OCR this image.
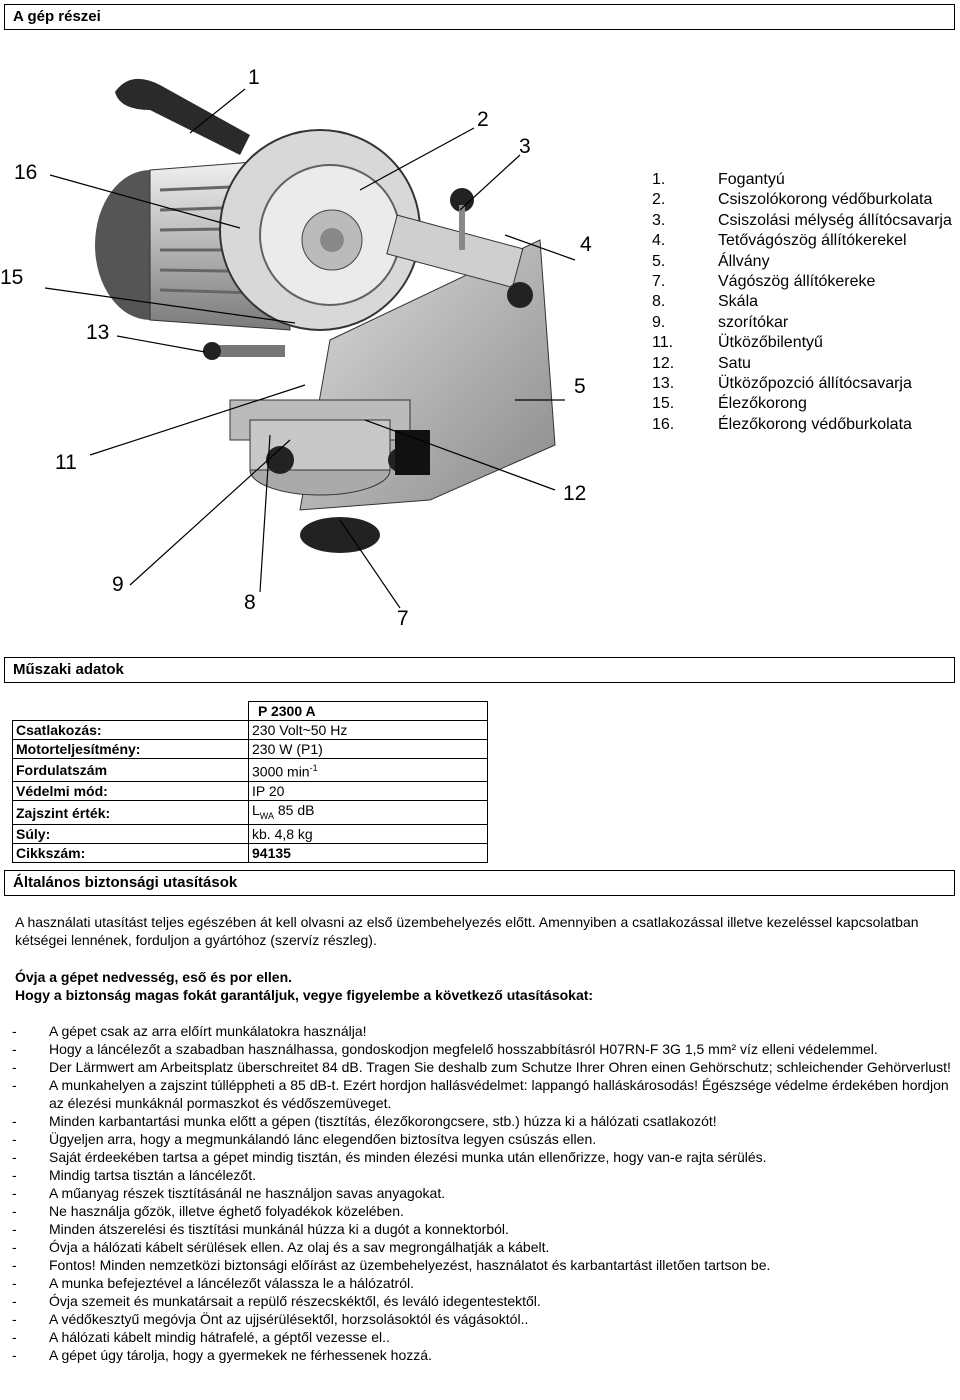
A gép részei
1
2
3
4
5
7
8
9
11
12
13
15
16	1.	Fogantyú
2.	Csiszolókorong védőburkolata
3.	Csiszolási mélység állítócsavarja
4.	Tetővágószög állítókerekel
5.	Állvány
7.	Vágószög állítókereke
8.	Skála
9.	szorítókar
11.	Ütközőbilentyű
12.	Satu
13.	Ütközőpozció állítócsavarja
15.	Élezőkorong
16.	Élezőkorong védőburkolata
Műszaki adatok
	P 2300 A
Csatlakozás:	230 Volt~50 Hz
Motorteljesítmény:	230 W (P1)
Fordulatszám	3000 $\min^{-1}$
Védelmi mód:	IP 20
Zajszint érték:	$L_{WA}$ 85 dB
Súly:	kb. 4,8 kg
Cikkszám:	94135
Általános biztonsági utasítások
A használati utasítást teljes egészében át kell olvasni az első üzembehelyezés előtt. Amennyiben a csatlakozással illetve kezeléssel kapcsolatban kétségei lennének, forduljon a gyártóhoz (szervíz részleg).
Óvja a gépet nedvesség, eső és por ellen.
Hogy a biztonság magas fokát garantáljuk, vegye figyelembe a következő utasításokat:
-	A gépet csak az arra előírt munkálatokra használja!
-	Hogy a láncélezőt a szabadban használhassa, gondoskodjon megfelelő hosszabbításról H07RN-F 3G 1,5 mm² víz elleni védelemmel.
-	Der Lärmwert am Arbeitsplatz überschreitet 84 dB. Tragen Sie deshalb zum Schutze Ihrer Ohren einen Gehörschutz; schleichender Gehörverlust!
-	A munkahelyen a zajszint túlléppheti a 85 dB-t. Ezért hordjon hallásvédelmet: lappangó halláskárosodás! Égészsége védelme érdekében hordjon az élezési munkáknál pormaszkot és védőszemüveget.
-	Minden karbantartási munka előtt a gépen (tisztítás, élezőkorongcsere, stb.) húzza ki a hálózati csatlakozót!
-	Ügyeljen arra, hogy a megmunkálandó lánc elegendően biztosítva legyen csúszás ellen.
-	Saját érdeekében tartsa a gépet mindig tisztán, és minden élezési munka után ellenőrizze, hogy van-e rajta sérülés.
-	Mindig tartsa tisztán a láncélezőt.
-	A műanyag részek tisztításánál ne használjon savas anyagokat.
-	Ne használja gőzök, illetve éghető folyadékok közelében.
-	Minden átszerelési és tisztítási munkánál húzza ki a dugót a konnektorból.
-	Óvja a hálózati kábelt sérülések ellen. Az olaj és a sav megrongálhatják a kábelt.
-	Fontos! Minden nemzetközi biztonsági előírást az üzembehelyezést, használatot és karbantartást illetően tartson be.
-	A munka befejeztével a láncélezőt válassza le a hálózatról.
-	Óvja szemeit és munkatársait a repülő részecskéktől, és leváló idegentestektől.
-	A védőkesztyű megóvja Önt az ujjsérülésektől, horzsolásoktól és vágásoktól..
-	A hálózati kábelt mindig hátrafelé, a géptől vezesse el..
-	A gépet úgy tárolja, hogy a gyermekek ne férhessenek hozzá.
